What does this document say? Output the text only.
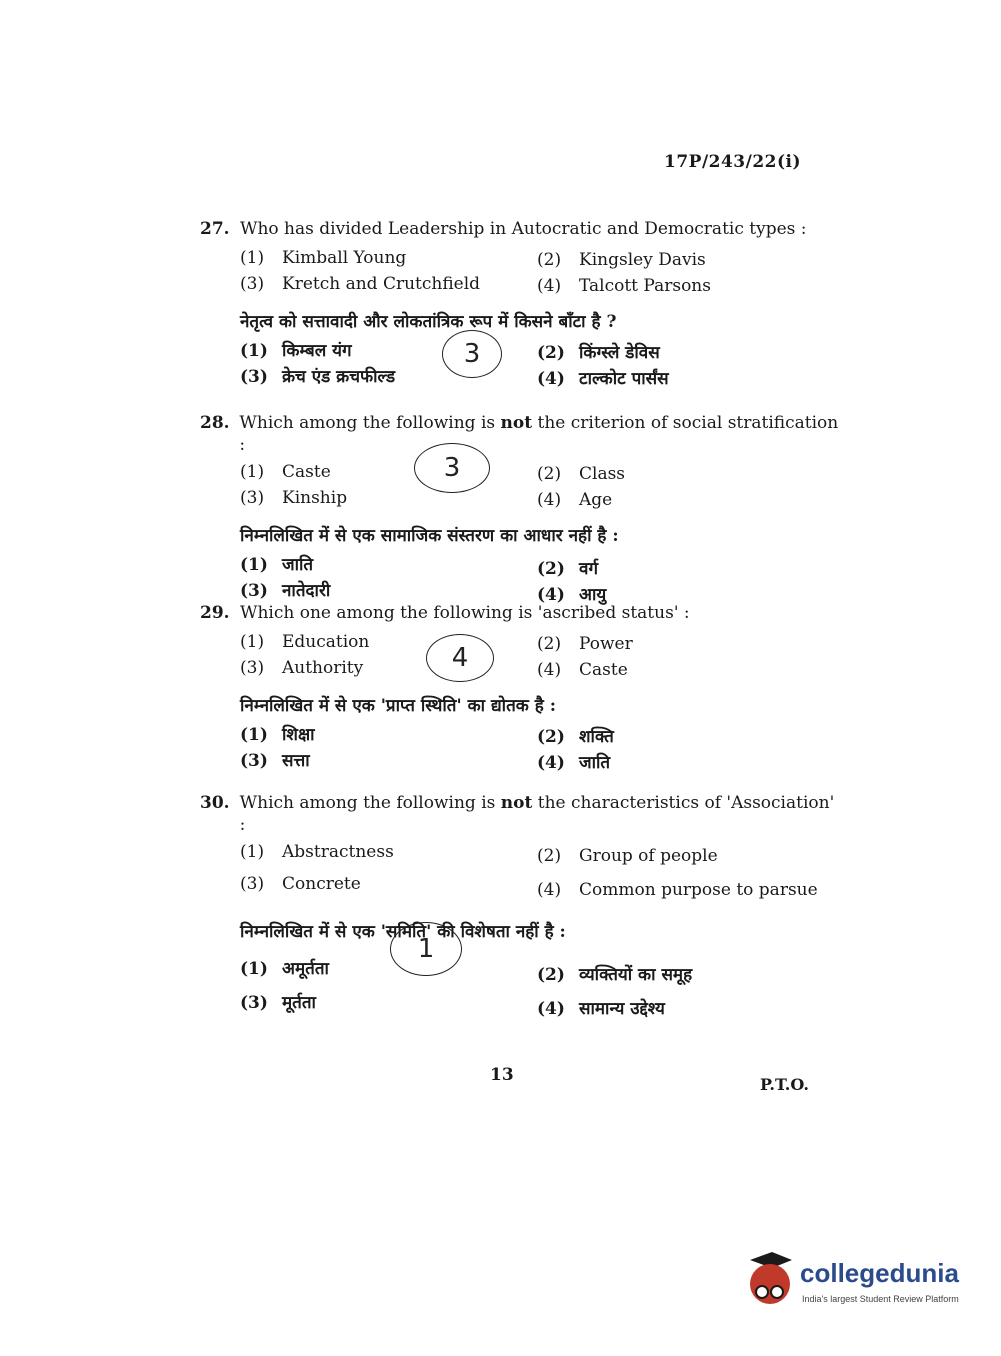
17P/243/22(i)
27. Who has divided Leadership in Autocratic and Democratic types :
(1) Kimball Young	(2) Kingsley Davis
(3) Kretch and Crutchfield	(4) Talcott Parsons
नेतृत्व को सत्तावादी और लोकतांत्रिक रूप में किसने बाँटा है ?
(1) किम्बल यंग	(2) किंग्स्ले डेविस
(3) क्रेच एंड क्रचफील्ड	(4) टाल्कोट पार्संस
3
28. Which among the following is not the criterion of social stratification :
(1) Caste	(2) Class
(3) Kinship	(4) Age
निम्नलिखित में से एक सामाजिक संस्तरण का आधार नहीं है :
(1) जाति	(2) वर्ग
(3) नातेदारी	(4) आयु
3
29. Which one among the following is 'ascribed status' :
(1) Education	(2) Power
(3) Authority	(4) Caste
निम्नलिखित में से एक 'प्राप्त स्थिति' का द्योतक है :
(1) शिक्षा	(2) शक्ति
(3) सत्ता	(4) जाति
4
30. Which among the following is not the characteristics of 'Association' :
(1) Abstractness	(2) Group of people
(3) Concrete	(4) Common purpose to parsue
निम्नलिखित में से एक 'समिति' की विशेषता नहीं है :
(1) अमूर्तता	(2) व्यक्तियों का समूह
(3) मूर्तता	(4) सामान्य उद्देश्य
1
13	P.T.O.
collegedunia
India's largest Student Review Platform
